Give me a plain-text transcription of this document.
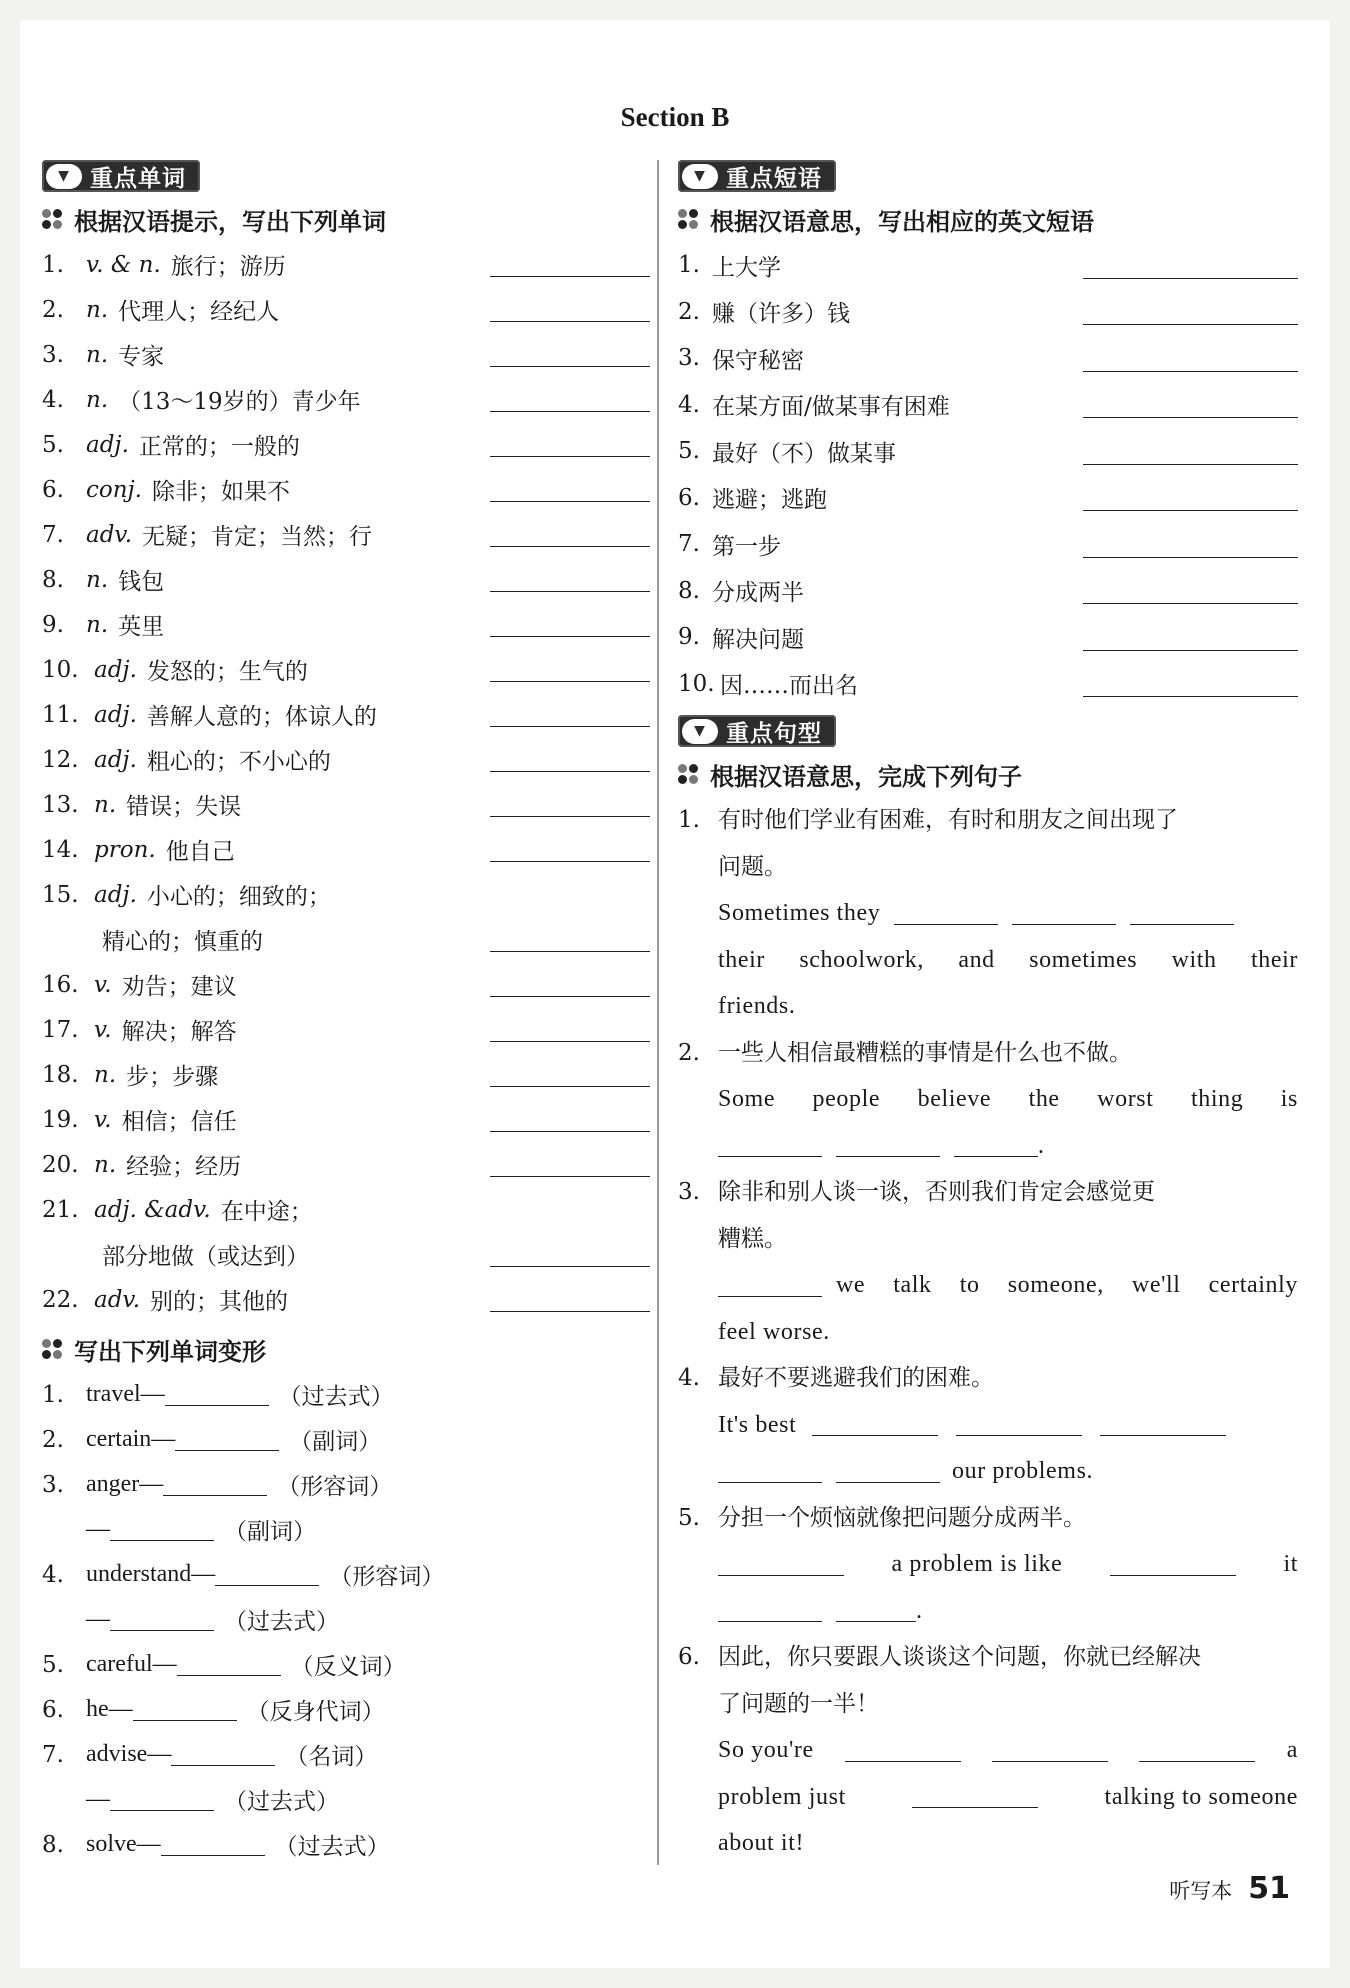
Section B
▼ 重点单词
根据汉语提示，写出下列单词
1. v. & n. 旅行；游历
2. n. 代理人；经纪人
3. n. 专家
4. n. （13～19岁的）青少年
5. adj. 正常的；一般的
6. conj. 除非；如果不
7. adv. 无疑；肯定；当然；行
8. n. 钱包
9. n. 英里
10. adj. 发怒的；生气的
11. adj. 善解人意的；体谅人的
12. adj. 粗心的；不小心的
13. n. 错误；失误
14. pron. 他自己
15. adj. 小心的；细致的；
精心的；慎重的
16. v. 劝告；建议
17. v. 解决；解答
18. n. 步；步骤
19. v. 相信；信任
20. n. 经验；经历
21. adj. &adv. 在中途；
部分地做（或达到）
22. adv. 别的；其他的
写出下列单词变形
1. travel—	（过去式）
2. certain—	（副词）
3. anger—	（形容词）
—	（副词）
4. understand—	（形容词）
—	（过去式）
5. careful—	（反义词）
6. he—	（反身代词）
7. advise—	（名词）
—	（过去式）
8. solve—	（过去式）
▼ 重点短语
根据汉语意思，写出相应的英文短语
1. 上大学
2. 赚（许多）钱
3. 保守秘密
4. 在某方面/做某事有困难
5. 最好（不）做某事
6. 逃避；逃跑
7. 第一步
8. 分成两半
9. 解决问题
10. 因……而出名
▼ 重点句型
根据汉语意思，完成下列句子
1. 有时他们学业有困难，有时和朋友之间出现了
问题。
Sometimes they
their schoolwork, and sometimes with their
friends.
2. 一些人相信最糟糕的事情是什么也不做。
Some people believe the worst thing is
.
3. 除非和别人谈一谈，否则我们肯定会感觉更
糟糕。
we talk to someone, we'll certainly
feel worse.
4. 最好不要逃避我们的困难。
It's best
our problems.
5. 分担一个烦恼就像把问题分成两半。
a problem is like	it
.
6. 因此，你只要跟人谈谈这个问题，你就已经解决
了问题的一半！
So you're	a
problem just	talking to someone
about it!
听写本 51
